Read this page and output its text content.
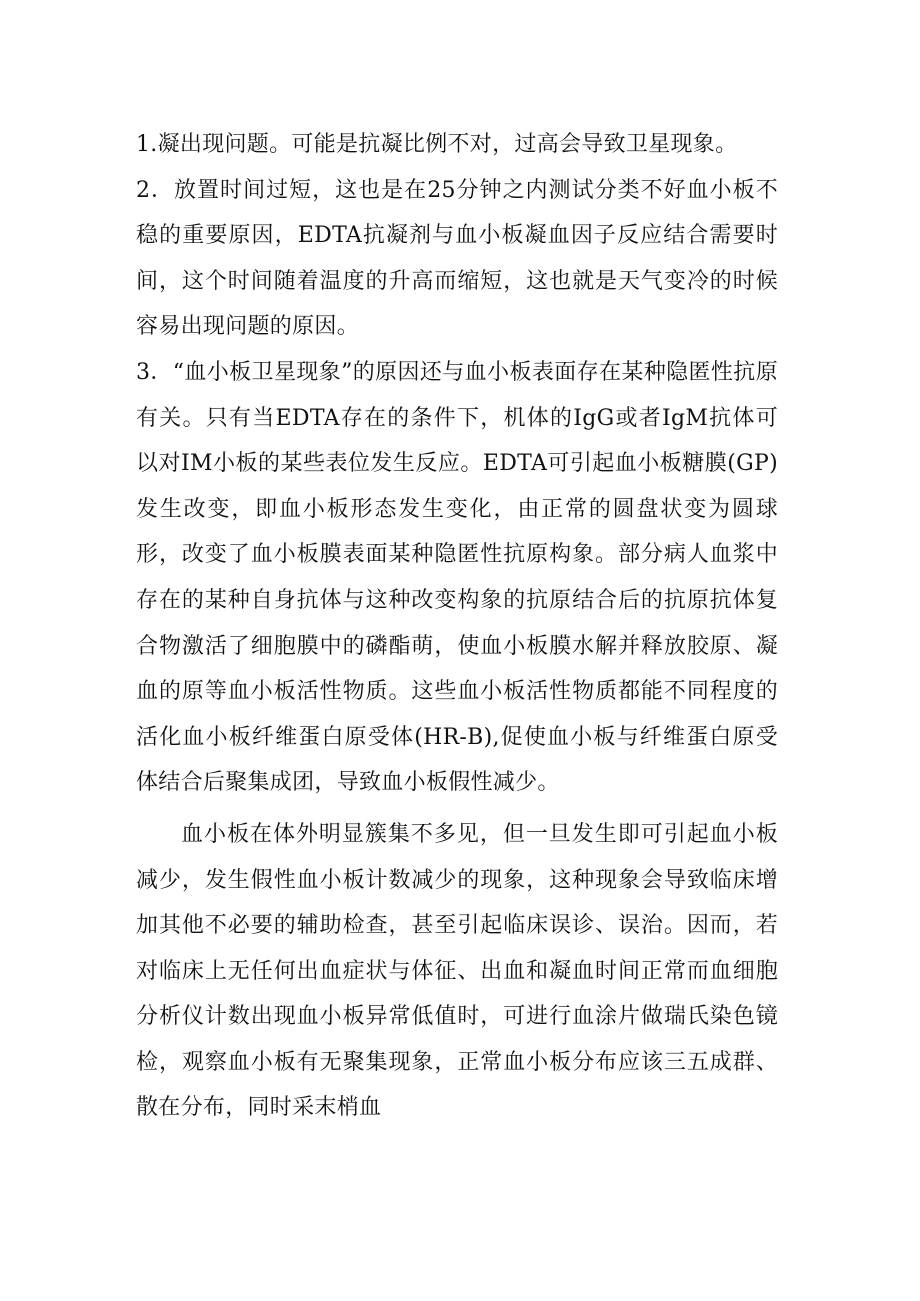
1.凝出现问题。可能是抗凝比例不对，过高会导致卫星现象。

2．放置时间过短，这也是在25分钟之内测试分类不好血小板不稳的重要原因，EDTA抗凝剂与血小板凝血因子反应结合需要时间，这个时间随着温度的升高而缩短，这也就是天气变冷的时候容易出现问题的原因。

3．“血小板卫星现象”的原因还与血小板表面存在某种隐匿性抗原有关。只有当EDTA存在的条件下，机体的IgG或者IgM抗体可以对IM小板的某些表位发生反应。EDTA可引起血小板糖膜(GP)发生改变，即血小板形态发生变化，由正常的圆盘状变为圆球形，改变了血小板膜表面某种隐匿性抗原构象。部分病人血浆中存在的某种自身抗体与这种改变构象的抗原结合后的抗原抗体复合物激活了细胞膜中的磷酯萌，使血小板膜水解并释放胶原、凝血的原等血小板活性物质。这些血小板活性物质都能不同程度的活化血小板纤维蛋白原受体(HR-B),促使血小板与纤维蛋白原受体结合后聚集成团，导致血小板假性减少。

血小板在体外明显簇集不多见，但一旦发生即可引起血小板减少，发生假性血小板计数减少的现象，这种现象会导致临床增加其他不必要的辅助检查，甚至引起临床误诊、误治。因而，若对临床上无任何出血症状与体征、出血和凝血时间正常而血细胞分析仪计数出现血小板异常低值时，可进行血涂片做瑞氏染色镜检，观察血小板有无聚集现象，正常血小板分布应该三五成群、散在分布，同时采末梢血
